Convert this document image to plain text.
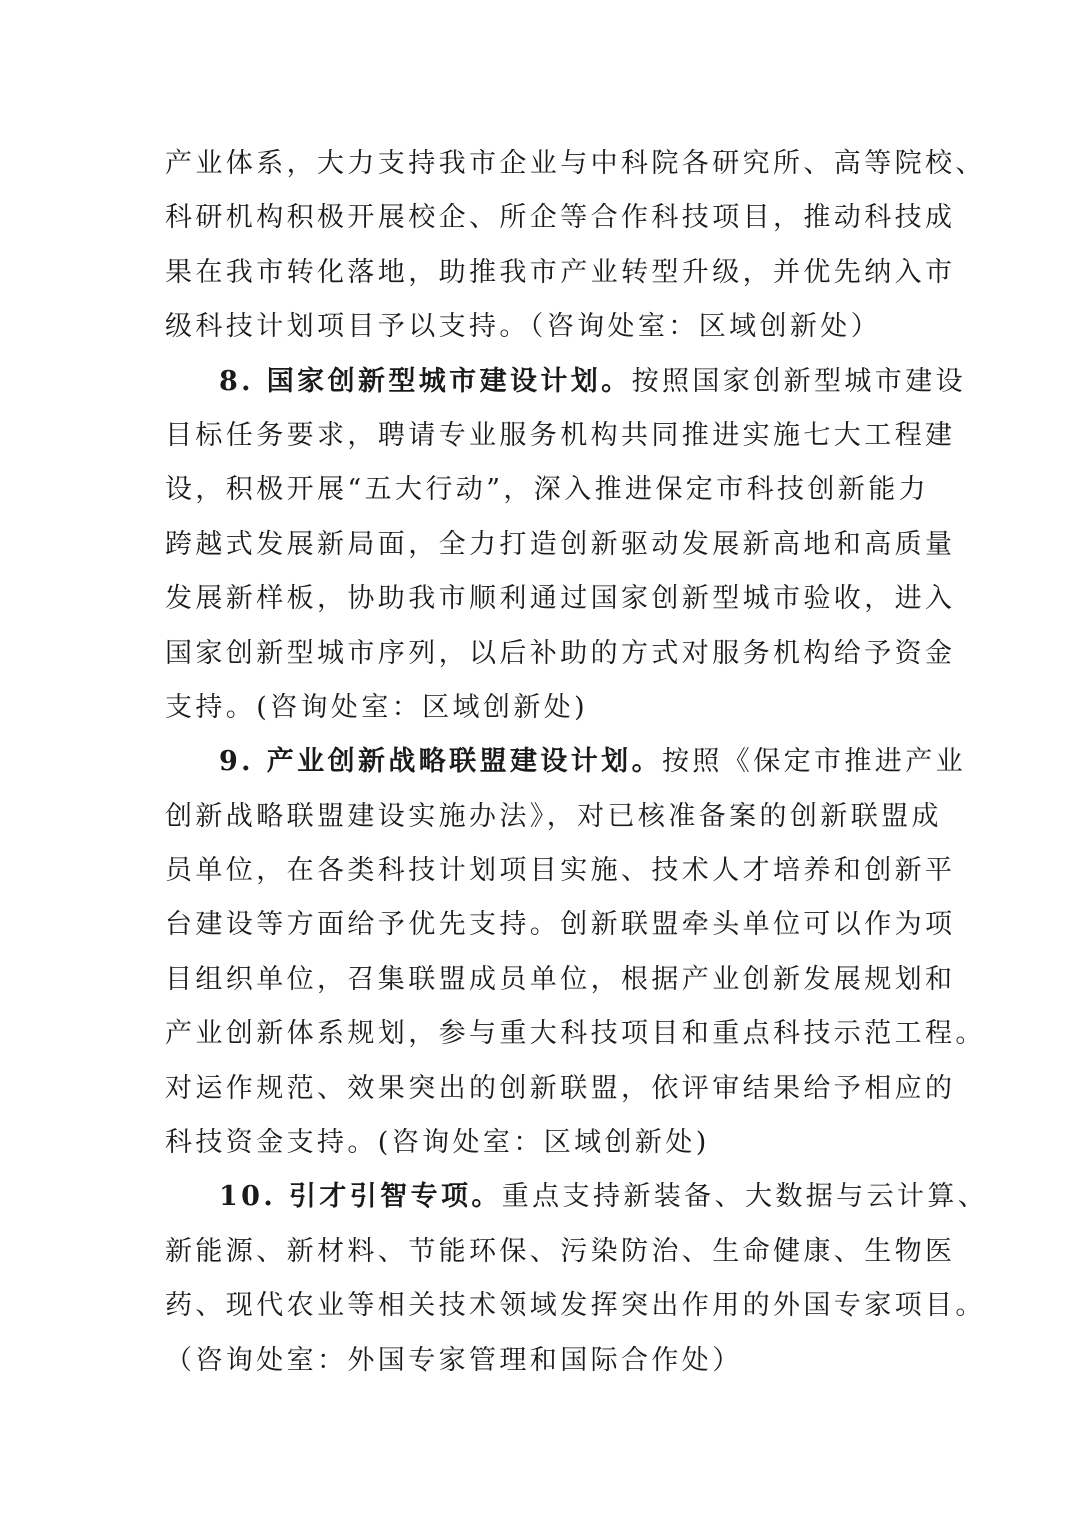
产业体系，大力支持我市企业与中科院各研究所、高等院校、
科研机构积极开展校企、所企等合作科技项目，推动科技成
果在我市转化落地，助推我市产业转型升级，并优先纳入市
级科技计划项目予以支持。（咨询处室：区域创新处）
8. 国家创新型城市建设计划。按照国家创新型城市建设
目标任务要求，聘请专业服务机构共同推进实施七大工程建
设，积极开展“五大行动”，深入推进保定市科技创新能力
跨越式发展新局面，全力打造创新驱动发展新高地和高质量
发展新样板，协助我市顺利通过国家创新型城市验收，进入
国家创新型城市序列，以后补助的方式对服务机构给予资金
支持。(咨询处室：区域创新处)
9. 产业创新战略联盟建设计划。按照《保定市推进产业
创新战略联盟建设实施办法》，对已核准备案的创新联盟成
员单位，在各类科技计划项目实施、技术人才培养和创新平
台建设等方面给予优先支持。创新联盟牵头单位可以作为项
目组织单位，召集联盟成员单位，根据产业创新发展规划和
产业创新体系规划，参与重大科技项目和重点科技示范工程。
对运作规范、效果突出的创新联盟，依评审结果给予相应的
科技资金支持。(咨询处室：区域创新处)
10. 引才引智专项。重点支持新装备、大数据与云计算、
新能源、新材料、节能环保、污染防治、生命健康、生物医
药、现代农业等相关技术领域发挥突出作用的外国专家项目。
（咨询处室：外国专家管理和国际合作处）
